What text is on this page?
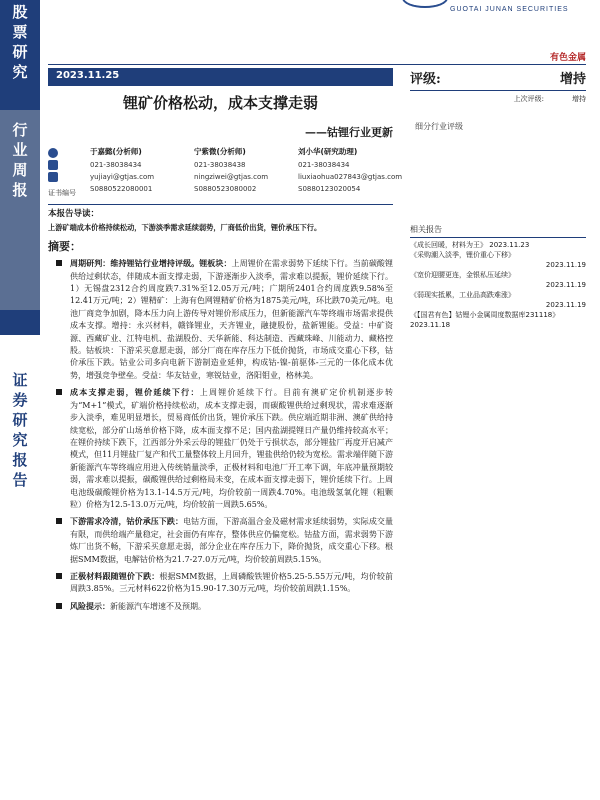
股
票
研
究
行
业
周
报
证
券
研
究
报
告
GUOTAI JUNAN SECURITIES
有色金属
2023.11.25
锂矿价格松动，成本支撑走弱
——钴锂行业更新
证书编号
于嘉懿(分析师)
021-38038434
yujiayi@gtjas.com
S0880522080001
宁紫微(分析师)
021-38038438
ningziwei@gtjas.com
S0880523080002
刘小华(研究助理)
021-38038434
liuxiaohua027843@gtjas.com
S0880123020054
评级:	增持
上次评级:	增持
细分行业评级
相关报告
《成长回暖，材料为王》 2023.11.23
《采购潮入淡季，锂价重心下移》
2023.11.19
《宽价迎腰更连，金银私压延续》
2023.11.19
《弱现实抵累，工业品高跌难涨》
2023.11.19
《【国君有色】钴锂小金属周度数据库231118》 2023.11.18
本报告导读：
上游矿端成本价格持续松动，下游淡季需求延续弱势，厂商低价出货，锂价承压下行。
摘要：
周期研判：维持锂钴行业增持评级。锂板块：上周锂价在需求弱势下延续下行。当前碳酸锂供给过剩状态，伴随成本面支撑走弱，下游逐渐步入淡季，需求难以提振，锂价延续下行。1）无锡盘2312合约周度跌7.31%至12.05万元/吨；广期所2401合约周度跌9.58%至12.41万元/吨；2）锂精矿：上海有色网锂精矿价格为1875美元/吨，环比跌70美元/吨。电池厂商竞争加剧，降本压力向上游传导对锂价形成压力，但新能源汽车等终端市场需求提供成本支撑。增持：永兴材料，赣锋锂业，天齐锂业，融捷股份，盐新锂能。受益：中矿资源、西藏矿业、江特电机、盐湖股份、天华新能、科达制造、西藏珠峰、川能动力、藏格控股。钴板块：下游采买意愿走弱，部分厂商在库存压力下低价抛货，市场成交重心下移，钴价承压下跌。钴业公司多向电新下游制造业延伸，构成钴-镍-前驱体-三元的一体化成本优势，增强竞争壁垒。受益：华友钴业，寒锐钴业，洛阳钼业，格林美。
成本支撑走弱，锂价延续下行：上周锂价延续下行。目前有澳矿定价机制逐步转为“M+1”模式，矿端价格持续松动，成本支撑走弱，而碳酸锂供给过剩现状，需求难逐渐步入淡季，难见明显增长，贸易商低价出货，锂价承压下跌。供应端近期非洲、澳矿供给持续宽松，部分矿山场单价格下降，成本面支撑不足；国内盐湖提锂日产量仍维持较高水平；在锂价持续下跌下，江西部分外采云母的锂盐厂仍处于亏损状态，部分锂盐厂再度开启减产模式，但11月锂盐厂复产和代工量整体较上月回升，锂盐供给仍较为宽松。需求端伴随下游新能源汽车等终端应用进入传统销量淡季，正极材料和电池厂开工率下调，年底冲量预期较弱，需求难以提振，碳酸锂供给过剩格局未变，在成本面支撑走弱下，锂价延续下行。上周电池级碳酸锂价格为13.1-14.5万元/吨，均价较前一周跌4.70%。电池级氢氧化锂（粗颗粒）价格为12.5-13.0万元/吨，均价较前一周跌5.65%。
下游需求冷清，钴价承压下跌：电钴方面，下游高温合金及磁材需求延续弱势，实际成交量有限，而供给端产量稳定，社会面仍有库存，整体供应仍偏宽松。钴盐方面，需求弱势下游炼厂出货不畅，下游采买意愿走弱，部分企业在库存压力下，降价抛货，成交重心下移。根据SMM数据，电解钴价格为21.7-27.0万元/吨，均价较前周跌5.15%。
正极材料跟随锂价下跌：根据SMM数据，上周磷酸铁锂价格5.25-5.55万元/吨，均价较前周跌3.85%。三元材料622价格为15.90-17.30万元/吨，均价较前周跌1.15%。
风险提示：新能源汽车增速不及预期。
